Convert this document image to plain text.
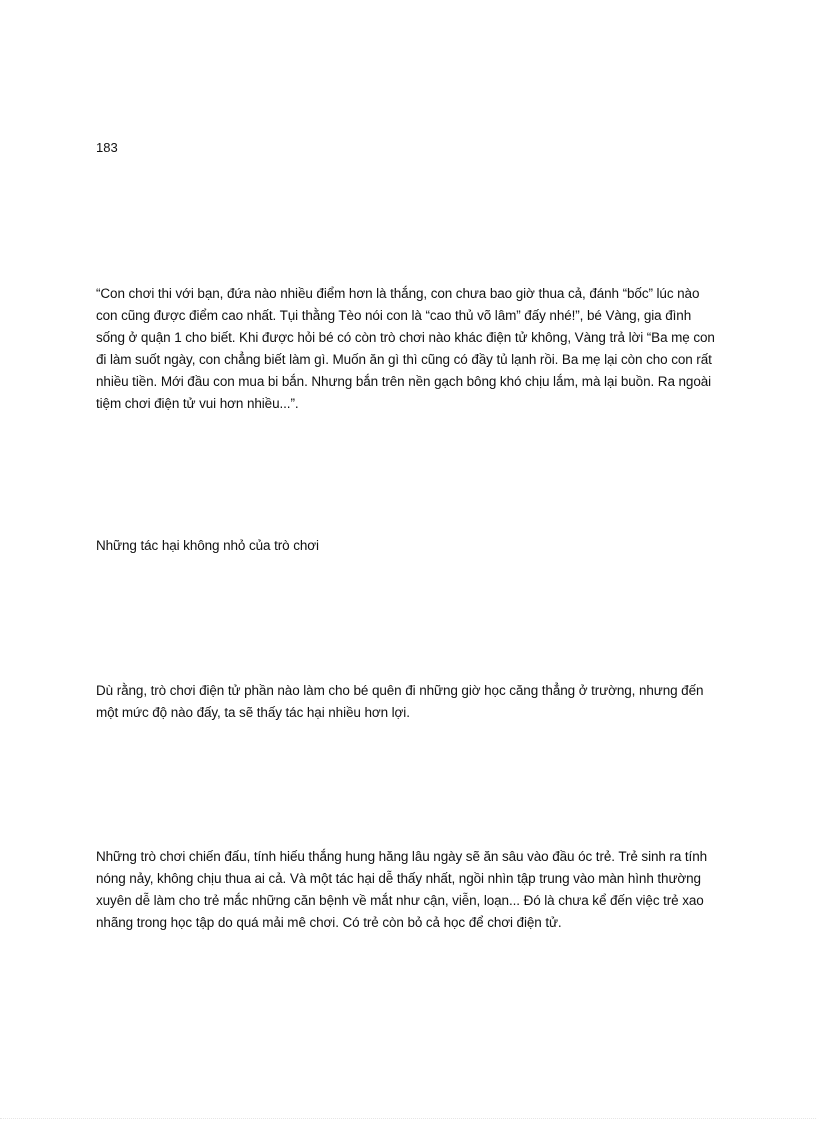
183

“Con chơi thi với bạn, đứa nào nhiều điểm hơn là thắng, con chưa bao giờ thua cả, đánh “bốc” lúc nào con cũng được điểm cao nhất. Tụi thằng Tèo nói con là “cao thủ võ lâm” đấy nhé!”, bé Vàng, gia đình sống ở quận 1 cho biết. Khi được hỏi bé có còn trò chơi nào khác điện tử không, Vàng trả lời “Ba mẹ con đi làm suốt ngày, con chẳng biết làm gì. Muốn ăn gì thì cũng có đầy tủ lạnh rồi. Ba mẹ lại còn cho con rất nhiều tiền. Mới đầu con mua bi bắn. Nhưng bắn trên nền gạch bông khó chịu lắm, mà lại buồn. Ra ngoài tiệm chơi điện tử vui hơn nhiều...”.

Những tác hại không nhỏ của trò chơi

Dù rằng, trò chơi điện tử phần nào làm cho bé quên đi những giờ học căng thẳng ở trường, nhưng đến một mức độ nào đấy, ta sẽ thấy tác hại nhiều hơn lợi.

Những trò chơi chiến đấu, tính hiếu thắng hung hăng lâu ngày sẽ ăn sâu vào đầu óc trẻ. Trẻ sinh ra tính nóng nảy, không chịu thua ai cả. Và một tác hại dễ thấy nhất, ngồi nhìn tập trung vào màn hình thường xuyên dễ làm cho trẻ mắc những căn bệnh về mắt như cận, viễn, loạn... Đó là chưa kể đến việc trẻ xao nhãng trong học tập do quá mải mê chơi. Có trẻ còn bỏ cả học để chơi điện tử.
